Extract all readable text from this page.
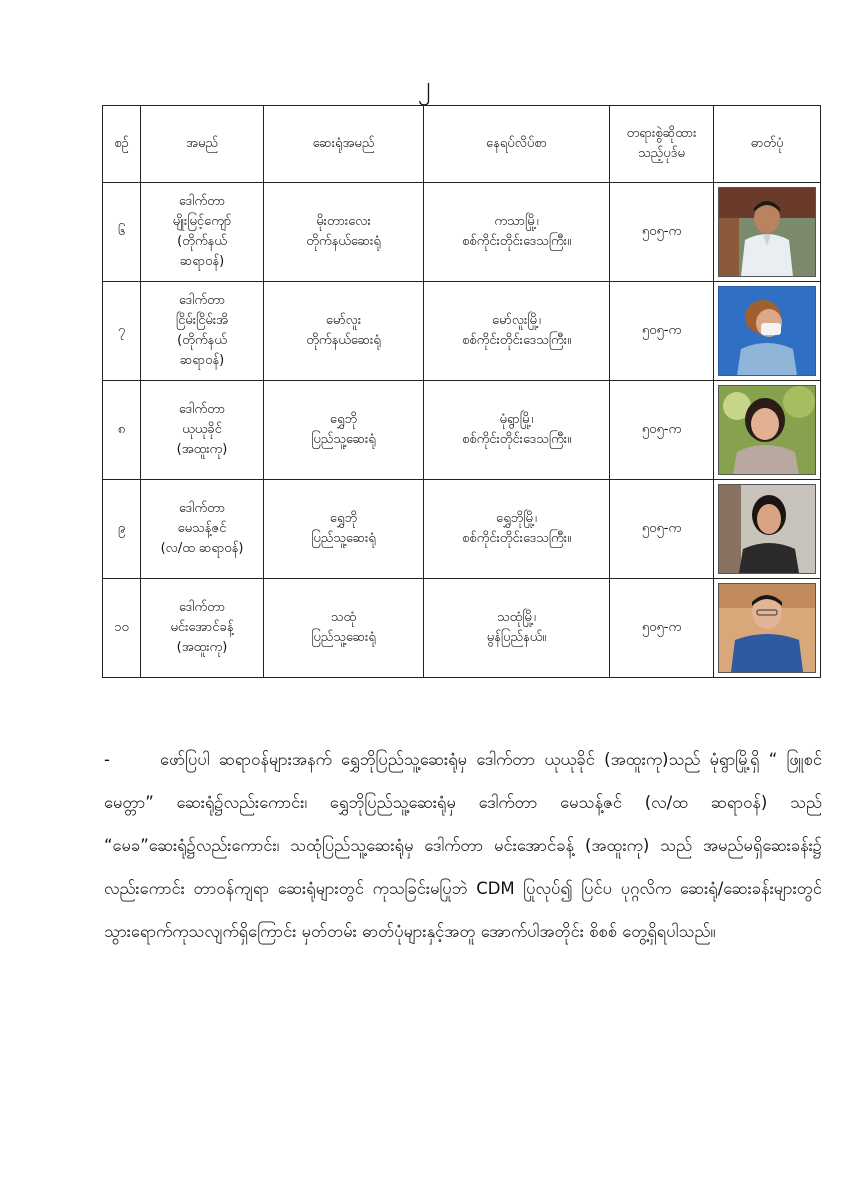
၂
စဉ်	အမည်	ဆေးရုံအမည်	နေရပ်လိပ်စာ	တရားစွဲဆိုထား သည့်ပုဒ်မ	ဓာတ်ပုံ
၆	ဒေါက်တာ
မျိုးမြင့်ကျော်
(တိုက်နယ်
ဆရာဝန်)	မိုးတားလေး
တိုက်နယ်ဆေးရုံ	ကသာမြို့၊
စစ်ကိုင်းတိုင်းဒေသကြီး။	၅၀၅-က	

၇	ဒေါက်တာ
ငြိမ်းငြိမ်းအိ
(တိုက်နယ်
ဆရာဝန်)	မော်လူး
တိုက်နယ်ဆေးရုံ	မော်လူးမြို့၊
စစ်ကိုင်းတိုင်းဒေသကြီး။	၅၀၅-က	

၈	ဒေါက်တာ
ယုယုခိုင်
(အထူးကု)	ရွှေဘို
ပြည်သူ့ဆေးရုံ	မုံရွာမြို့၊
စစ်ကိုင်းတိုင်းဒေသကြီး။	၅၀၅-က	

၉	ဒေါက်တာ
မေသန့်ဇင်
(လ/ထ ဆရာဝန်)	ရွှေဘို
ပြည်သူ့ဆေးရုံ	ရွှေဘိုမြို့၊
စစ်ကိုင်းတိုင်းဒေသကြီး။	၅၀၅-က	

၁၀	ဒေါက်တာ
မင်းအောင်ခန့်
(အထူးကု)	သထုံ
ပြည်သူ့ဆေးရုံ	သထုံမြို့၊
မွန်ပြည်နယ်။	၅၀၅-က	
-	ဖော်ပြပါ ဆရာဝန်များအနက် ရွှေဘိုပြည်သူ့ဆေးရုံမှ ဒေါက်တာ ယုယုခိုင် (အထူးကု)သည် မုံရွာမြို့ရှိ “ ဖြူစင်မေတ္တာ” ဆေးရုံ၌လည်းကောင်း၊ ရွှေဘိုပြည်သူ့ဆေးရုံမှ ဒေါက်တာ မေသန့်ဇင် (လ/ထ ဆရာဝန်) သည် “မေခ”ဆေးရုံ၌လည်းကောင်း၊ သထုံပြည်သူ့ဆေးရုံမှ ဒေါက်တာ မင်းအောင်ခန့် (အထူးကု) သည် အမည်မရှိဆေးခန်း၌ လည်းကောင်း တာဝန်ကျရာ ဆေးရုံများတွင် ကုသခြင်းမပြုဘဲ CDM ပြုလုပ်၍ ပြင်ပ ပုဂ္ဂလိက ဆေးရုံ/ဆေးခန်းများတွင် သွားရောက်ကုသလျက်ရှိကြောင်း မှတ်တမ်း ဓာတ်ပုံများနှင့်အတူ အောက်ပါအတိုင်း စိစစ် တွေ့ရှိရပါသည်။
